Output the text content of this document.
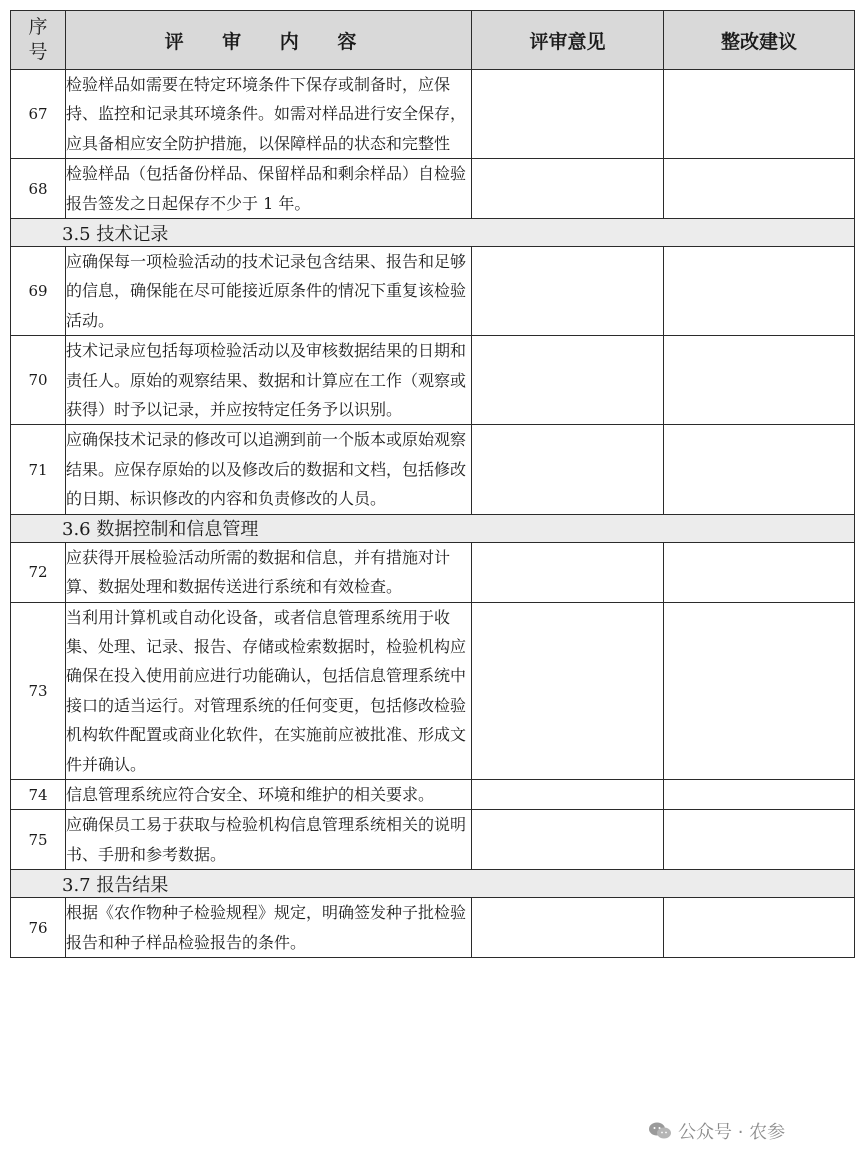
序
号	评 审 内 容	评审意见	整改建议
67	检验样品如需要在特定环境条件下保存或制备时，应保持、监控和记录其环境条件。如需对样品进行安全保存，应具备相应安全防护措施，以保障样品的状态和完整性		
68	检验样品（包括备份样品、保留样品和剩余样品）自检验报告签发之日起保存不少于 1 年。		
3.5 技术记录			
69	应确保每一项检验活动的技术记录包含结果、报告和足够的信息，确保能在尽可能接近原条件的情况下重复该检验活动。		
70	技术记录应包括每项检验活动以及审核数据结果的日期和责任人。原始的观察结果、数据和计算应在工作（观察或获得）时予以记录，并应按特定任务予以识别。		
71	应确保技术记录的修改可以追溯到前一个版本或原始观察结果。应保存原始的以及修改后的数据和文档，包括修改的日期、标识修改的内容和负责修改的人员。		
3.6 数据控制和信息管理			
72	应获得开展检验活动所需的数据和信息，并有措施对计算、数据处理和数据传送进行系统和有效检查。		
73	当利用计算机或自动化设备，或者信息管理系统用于收集、处理、记录、报告、存储或检索数据时，检验机构应确保在投入使用前应进行功能确认，包括信息管理系统中接口的适当运行。对管理系统的任何变更，包括修改检验机构软件配置或商业化软件，在实施前应被批准、形成文件并确认。		
74	信息管理系统应符合安全、环境和维护的相关要求。		
75	应确保员工易于获取与检验机构信息管理系统相关的说明书、手册和参考数据。		
3.7 报告结果			
76	根据《农作物种子检验规程》规定，明确签发种子批检验报告和种子样品检验报告的条件。		
公众号 · 农参
